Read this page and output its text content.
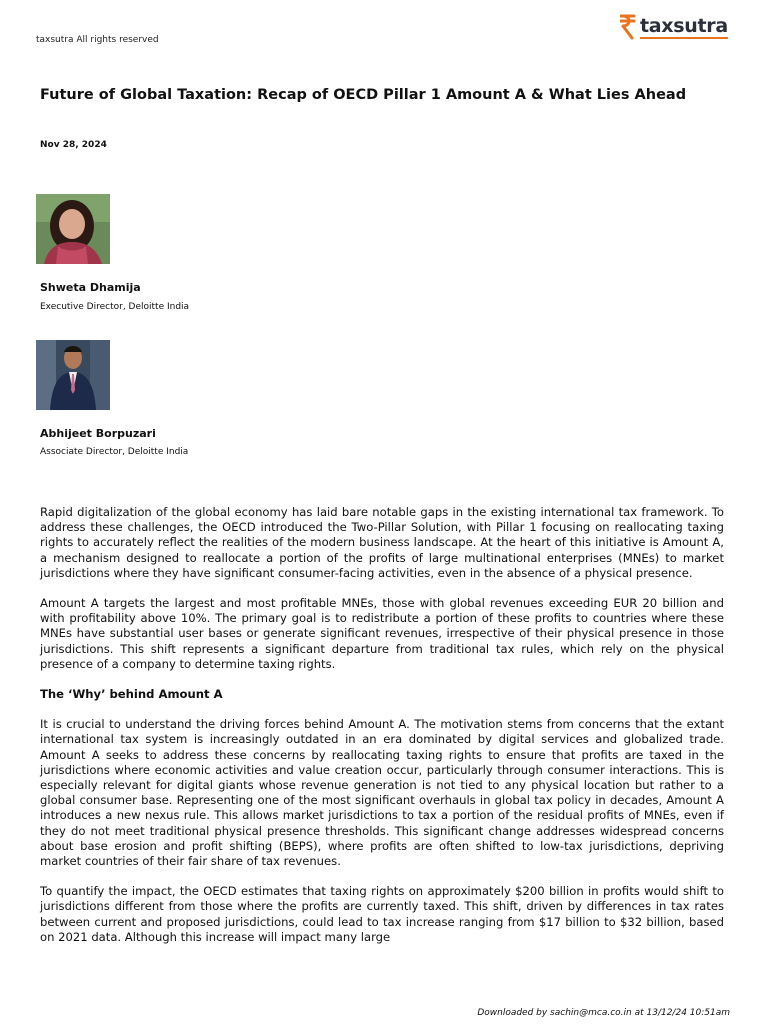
taxsutra All rights reserved
taxsutra
Future of Global Taxation: Recap of OECD Pillar 1 Amount A & What Lies Ahead
Nov 28, 2024
Shweta Dhamija
Executive Director, Deloitte India
Abhijeet Borpuzari
Associate Director, Deloitte India

Rapid digitalization of the global economy has laid bare notable gaps in the existing international tax framework. To address these challenges, the OECD introduced the Two-Pillar Solution, with Pillar 1 focusing on reallocating taxing rights to accurately reflect the realities of the modern business landscape. At the heart of this initiative is Amount A, a mechanism designed to reallocate a portion of the profits of large multinational enterprises (MNEs) to market jurisdictions where they have significant consumer-facing activities, even in the absence of a physical presence.

Amount A targets the largest and most profitable MNEs, those with global revenues exceeding EUR 20 billion and with profitability above 10%. The primary goal is to redistribute a portion of these profits to countries where these MNEs have substantial user bases or generate significant revenues, irrespective of their physical presence in those jurisdictions. This shift represents a significant departure from traditional tax rules, which rely on the physical presence of a company to determine taxing rights.

The ‘Why’ behind Amount A

It is crucial to understand the driving forces behind Amount A. The motivation stems from concerns that the extant international tax system is increasingly outdated in an era dominated by digital services and globalized trade. Amount A seeks to address these concerns by reallocating taxing rights to ensure that profits are taxed in the jurisdictions where economic activities and value creation occur, particularly through consumer interactions. This is especially relevant for digital giants whose revenue generation is not tied to any physical location but rather to a global consumer base. Representing one of the most significant overhauls in global tax policy in decades, Amount A introduces a new nexus rule. This allows market jurisdictions to tax a portion of the residual profits of MNEs, even if they do not meet traditional physical presence thresholds. This significant change addresses widespread concerns about base erosion and profit shifting (BEPS), where profits are often shifted to low-tax jurisdictions, depriving market countries of their fair share of tax revenues.

To quantify the impact, the OECD estimates that taxing rights on approximately $200 billion in profits would shift to jurisdictions different from those where the profits are currently taxed. This shift, driven by differences in tax rates between current and proposed jurisdictions, could lead to tax increase ranging from $17 billion to $32 billion, based on 2021 data. Although this increase will impact many large

Downloaded by sachin@mca.co.in at 13/12/24 10:51am
